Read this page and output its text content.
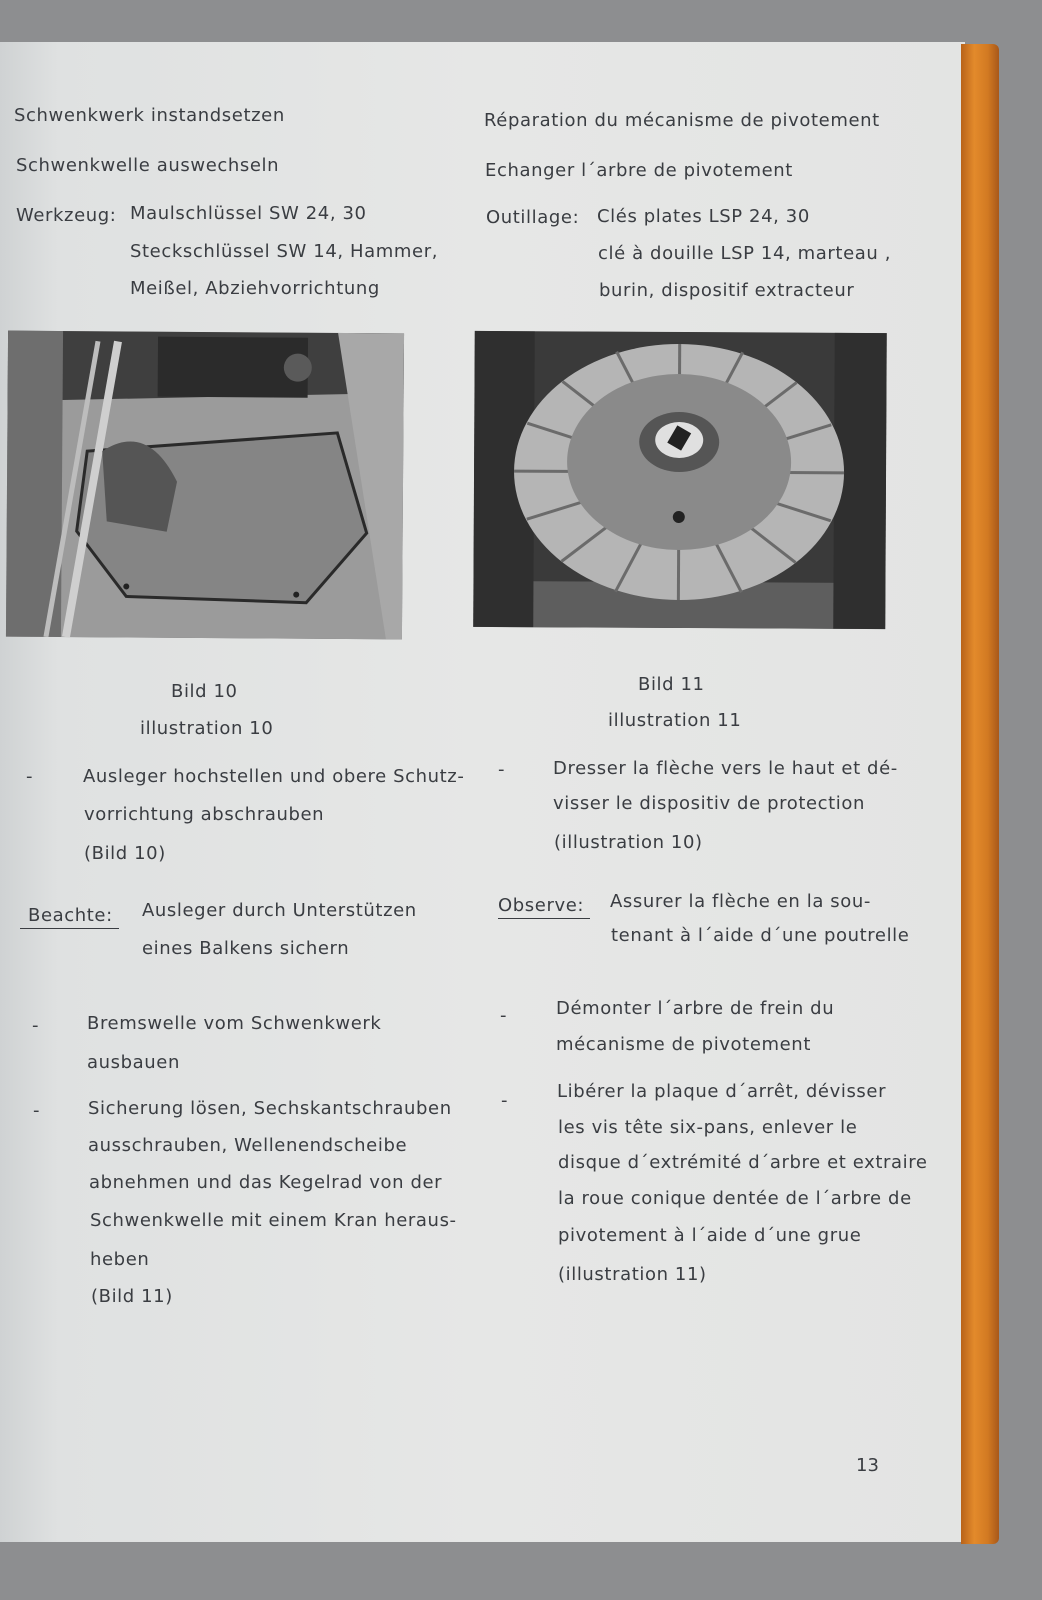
Schwenkwerk instandsetzen
Schwenkwelle auswechseln
Werkzeug: Maulschlüssel SW 24, 30
Steckschlüssel SW 14, Hammer,
Meißel, Abziehvorrichtung
Bild 10
illustration 10
-	Ausleger hochstellen und obere Schutz-
vorrichtung abschrauben
(Bild 10)
Beachte:	Ausleger durch Unterstützen
eines Balkens sichern
-	Bremswelle vom Schwenkwerk
ausbauen
-	Sicherung lösen, Sechskantschrauben
ausschrauben, Wellenendscheibe
abnehmen und das Kegelrad von der
Schwenkwelle mit einem Kran heraus-
heben
(Bild 11)
Réparation du mécanisme de pivotement
Echanger l´arbre de pivotement
Outillage: Clés plates LSP 24, 30
clé à douille LSP 14, marteau ,
burin, dispositif extracteur
Bild 11
illustration 11
-	Dresser la flèche vers le haut et dé-
visser le dispositiv de protection
(illustration 10)
Observe:	Assurer la flèche en la sou-
tenant à l´aide d´une poutrelle
-	Démonter l´arbre de frein du
mécanisme de pivotement
-	Libérer la plaque d´arrêt, dévisser
les vis tête six-pans, enlever le
disque d´extrémité d´arbre et extraire
la roue conique dentée de l´arbre de
pivotement à l´aide d´une grue
(illustration 11)
13
